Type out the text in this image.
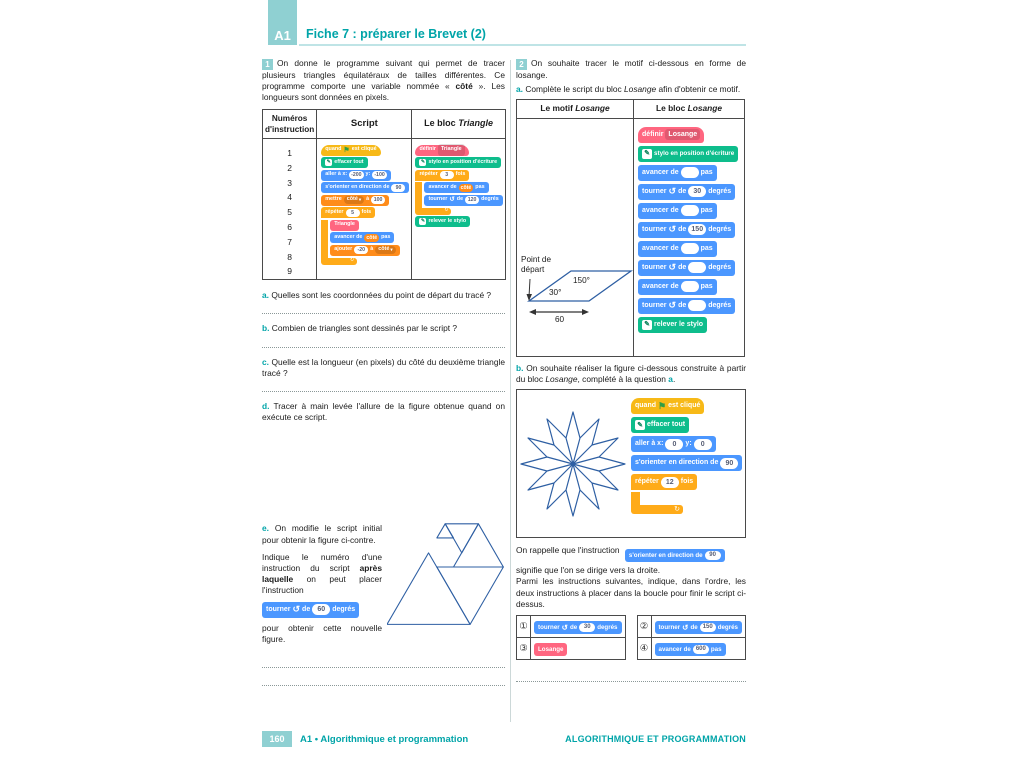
A1	Fiche 7 : préparer le Brevet (2)

1 On donne le programme suivant qui permet de tracer plusieurs triangles équilatéraux de tailles différentes. Ce programme comporte une variable nommée « côté ». Les longueurs sont données en pixels.

Numéros
d'instruction	Script	Le bloc Triangle

1
2
3
4
5
6
7
8
9

quand ⚑ est cliqué
✎ effacer tout
aller à x: -200 y: -100
s'orienter en direction de	90
mettre côté ▾ à 100
répéter	5	fois
Triangle
avancer de côté pas
ajouter	-20 à côté ▾
↻

définir Triangle
✎ stylo en position d'écriture
répéter	3	fois
avancer de côté pas
tourner ↺ de 120 degrés
↻
✎ relever le stylo

a. Quelles sont les coordonnées du point de départ du tracé ?

b. Combien de triangles sont dessinés par le script ?

c. Quelle est la longueur (en pixels) du côté du deuxième triangle tracé ?

d. Tracer à main levée l'allure de la figure obtenue quand on exécute ce script.

e. On modifie le script initial pour obtenir la figure ci-contre.

Indique le numéro d'une instruction du script après laquelle on peut placer l'instruction

tourner ↺ de	60	degrés

pour obtenir cette nouvelle figure.

2 On souhaite tracer le motif ci-dessous en forme de losange.

a. Complète le script du bloc Losange afin d'obtenir ce motif.

Le motif Losange	Le bloc Losange

Point de
départ
150°
30°
60

définir Losange
✎ stylo en position d'écriture
avancer de	pas
tourner ↺ de	30	degrés
avancer de	pas
tourner ↺ de 150 degrés
avancer de	pas
tourner ↺ de	degrés
avancer de	pas
tourner ↺ de	degrés
✎ relever le stylo

b. On souhaite réaliser la figure ci-dessous construite à partir du bloc Losange, complété à la question a.

quand ⚑ est cliqué
✎ effacer tout
aller à x:	0	y:	0
s'orienter en direction de	90
répéter	12	fois
↻

On rappelle que l'instruction
s'orienter en direction de	90

signifie que l'on se dirige vers la droite.

Parmi les instructions suivantes, indique, dans l'ordre, les deux instructions à placer dans la boucle pour finir le script ci-dessus.

①	tourner ↺ de 30 degrés

③	Losange
②	tourner ↺ de 150 degrés

④	avancer de 600 pas
160	A1 • Algorithmique et programmation	ALGORITHMIQUE ET PROGRAMMATION
